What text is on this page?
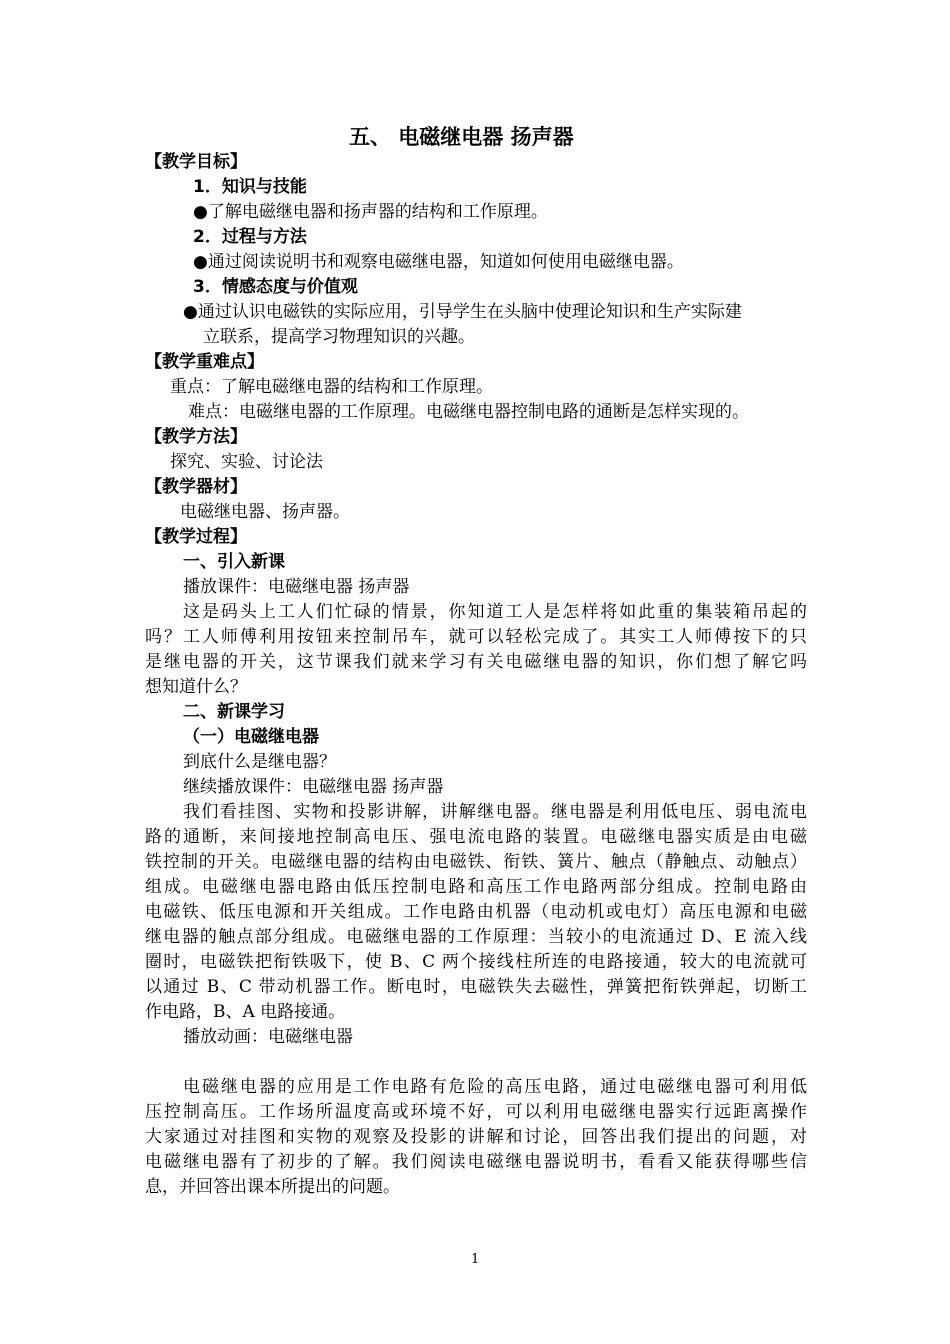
五、 电磁继电器 扬声器
【教学目标】
1．知识与技能
●了解电磁继电器和扬声器的结构和工作原理。
2．过程与方法
●通过阅读说明书和观察电磁继电器，知道如何使用电磁继电器。
3．情感态度与价值观
●通过认识电磁铁的实际应用，引导学生在头脑中使理论知识和生产实际建
立联系，提高学习物理知识的兴趣。
【教学重难点】
重点：了解电磁继电器的结构和工作原理。
难点：电磁继电器的工作原理。电磁继电器控制电路的通断是怎样实现的。
【教学方法】
探究、实验、讨论法
【教学器材】
电磁继电器、扬声器。
【教学过程】
一、引入新课
播放课件：电磁继电器 扬声器
这是码头上工人们忙碌的情景，你知道工人是怎样将如此重的集装箱吊起的
吗？工人师傅利用按钮来控制吊车，就可以轻松完成了。其实工人师傅按下的只
是继电器的开关，这节课我们就来学习有关电磁继电器的知识，你们想了解它吗
想知道什么？
二、新课学习
（一）电磁继电器
到底什么是继电器？
继续播放课件：电磁继电器 扬声器
我们看挂图、实物和投影讲解，讲解继电器。继电器是利用低电压、弱电流电
路的通断，来间接地控制高电压、强电流电路的装置。电磁继电器实质是由电磁
铁控制的开关。电磁继电器的结构由电磁铁、衔铁、簧片、触点（静触点、动触点）
组成。电磁继电器电路由低压控制电路和高压工作电路两部分组成。控制电路由
电磁铁、低压电源和开关组成。工作电路由机器（电动机或电灯）高压电源和电磁
继电器的触点部分组成。电磁继电器的工作原理：当较小的电流通过 D、E 流入线
圈时，电磁铁把衔铁吸下，使 B、C 两个接线柱所连的电路接通，较大的电流就可
以通过 B、C 带动机器工作。断电时，电磁铁失去磁性，弹簧把衔铁弹起，切断工
作电路，B、A 电路接通。
播放动画：电磁继电器
电磁继电器的应用是工作电路有危险的高压电路，通过电磁继电器可利用低
压控制高压。工作场所温度高或环境不好，可以利用电磁继电器实行远距离操作
大家通过对挂图和实物的观察及投影的讲解和讨论，回答出我们提出的问题，对
电磁继电器有了初步的了解。我们阅读电磁继电器说明书，看看又能获得哪些信
息，并回答出课本所提出的问题。
1
